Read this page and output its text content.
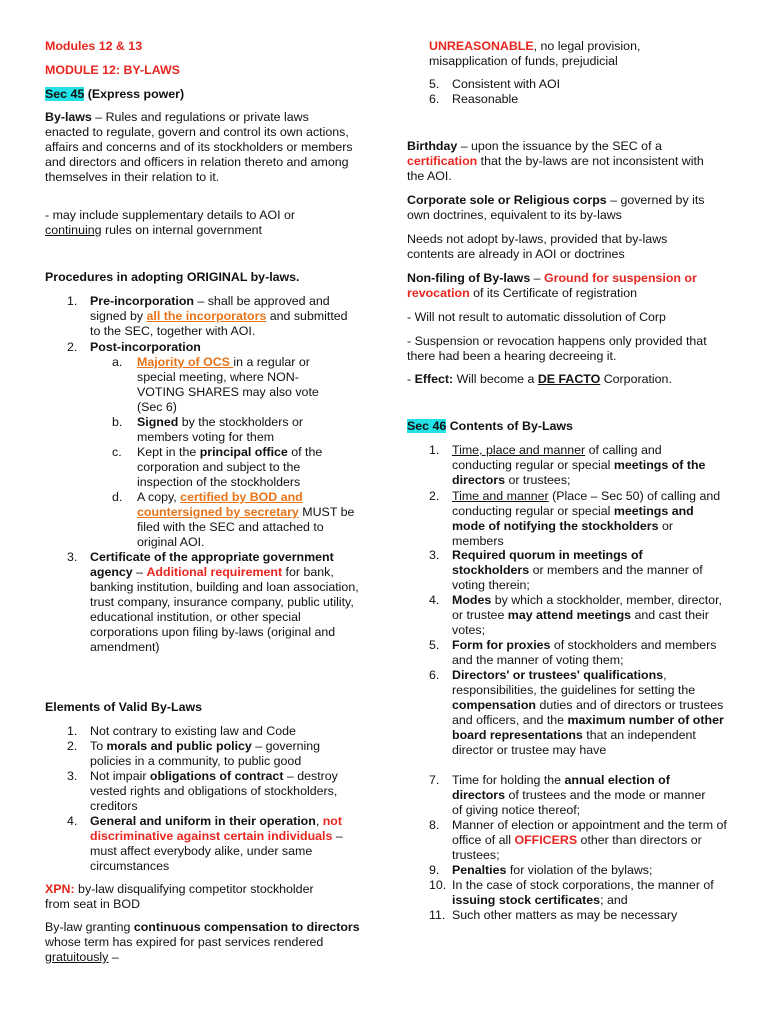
Modules 12 & 13

MODULE 12: BY-LAWS

Sec 45 (Express power)

By-laws – Rules and regulations or private laws enacted to regulate, govern and control its own actions, affairs and concerns and of its stockholders or members and directors and officers in relation thereto and among themselves in their relation to it.

- may include supplementary details to AOI or continuing rules on internal government

Procedures in adopting ORIGINAL by-laws.

1. Pre-incorporation – shall be approved and signed by all the incorporators and submitted to the SEC, together with AOI.
2. Post-incorporation
a. Majority of OCS in a regular or special meeting, where NON-VOTING SHARES may also vote (Sec 6)
b. Signed by the stockholders or members voting for them
c. Kept in the principal office of the corporation and subject to the inspection of the stockholders
d. A copy, certified by BOD and countersigned by secretary MUST be filed with the SEC and attached to original AOI.
3. Certificate of the appropriate government agency – Additional requirement for bank, banking institution, building and loan association, trust company, insurance company, public utility, educational institution, or other special corporations upon filing by-laws (original and amendment)

Elements of Valid By-Laws

1. Not contrary to existing law and Code
2. To morals and public policy – governing policies in a community, to public good
3. Not impair obligations of contract – destroy vested rights and obligations of stockholders, creditors
4. General and uniform in their operation, not discriminative against certain individuals – must affect everybody alike, under same circumstances

XPN: by-law disqualifying competitor stockholder from seat in BOD

By-law granting continuous compensation to directors whose term has expired for past services rendered gratuitously –

UNREASONABLE, no legal provision, misapplication of funds, prejudicial

5. Consistent with AOI
6. Reasonable

Birthday – upon the issuance by the SEC of a certification that the by-laws are not inconsistent with the AOI.

Corporate sole or Religious corps – governed by its own doctrines, equivalent to its by-laws

Needs not adopt by-laws, provided that by-laws contents are already in AOI or doctrines

Non-filing of By-laws – Ground for suspension or revocation of its Certificate of registration

- Will not result to automatic dissolution of Corp

- Suspension or revocation happens only provided that there had been a hearing decreeing it.

- Effect: Will become a DE FACTO Corporation.

Sec 46 Contents of By-Laws

1. Time, place and manner of calling and conducting regular or special meetings of the directors or trustees;
2. Time and manner (Place – Sec 50) of calling and conducting regular or special meetings and mode of notifying the stockholders or members
3. Required quorum in meetings of stockholders or members and the manner of voting therein;
4. Modes by which a stockholder, member, director, or trustee may attend meetings and cast their votes;
5. Form for proxies of stockholders and members and the manner of voting them;
6. Directors' or trustees' qualifications, responsibilities, the guidelines for setting the compensation duties and of directors or trustees and officers, and the maximum number of other board representations that an independent director or trustee may have
7. Time for holding the annual election of directors of trustees and the mode or manner of giving notice thereof;
8. Manner of election or appointment and the term of office of all OFFICERS other than directors or trustees;
9. Penalties for violation of the bylaws;
10. In the case of stock corporations, the manner of issuing stock certificates; and
11. Such other matters as may be necessary
